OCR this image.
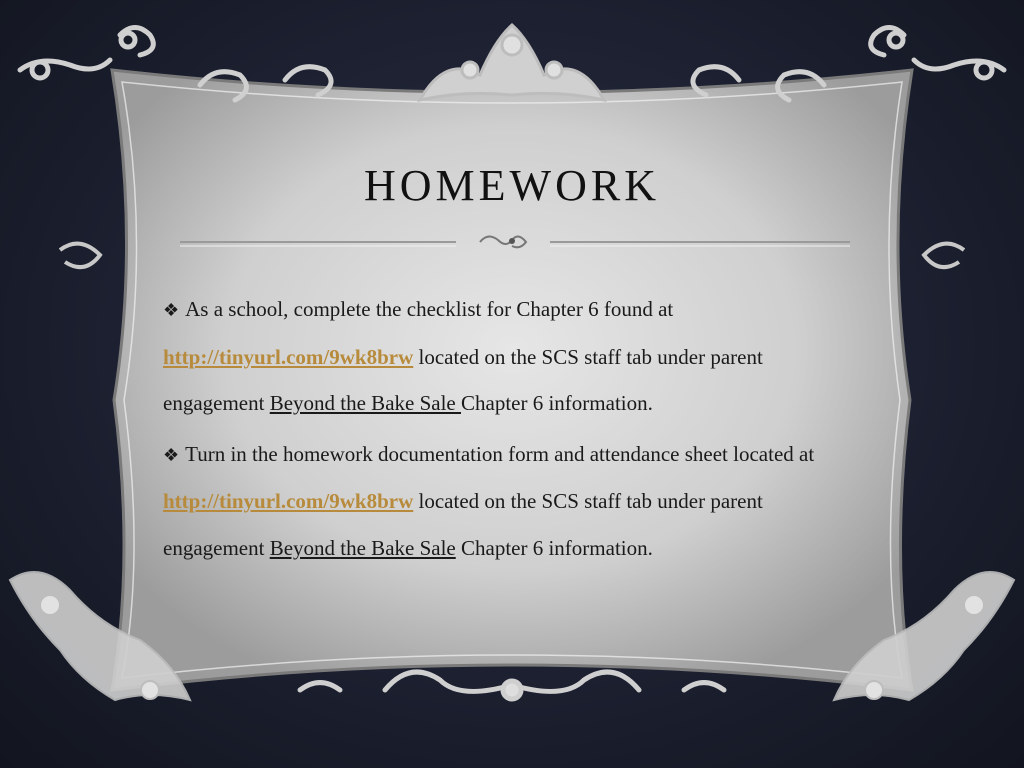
HOMEWORK

❖ As a school, complete the checklist for Chapter 6 found at
http://tinyurl.com/9wk8brw located on the SCS staff tab under parent engagement Beyond the Bake Sale Chapter 6 information.

❖ Turn in the homework documentation form and attendance sheet located at http://tinyurl.com/9wk8brw located on the SCS staff tab under parent engagement Beyond the Bake Sale Chapter 6 information.
